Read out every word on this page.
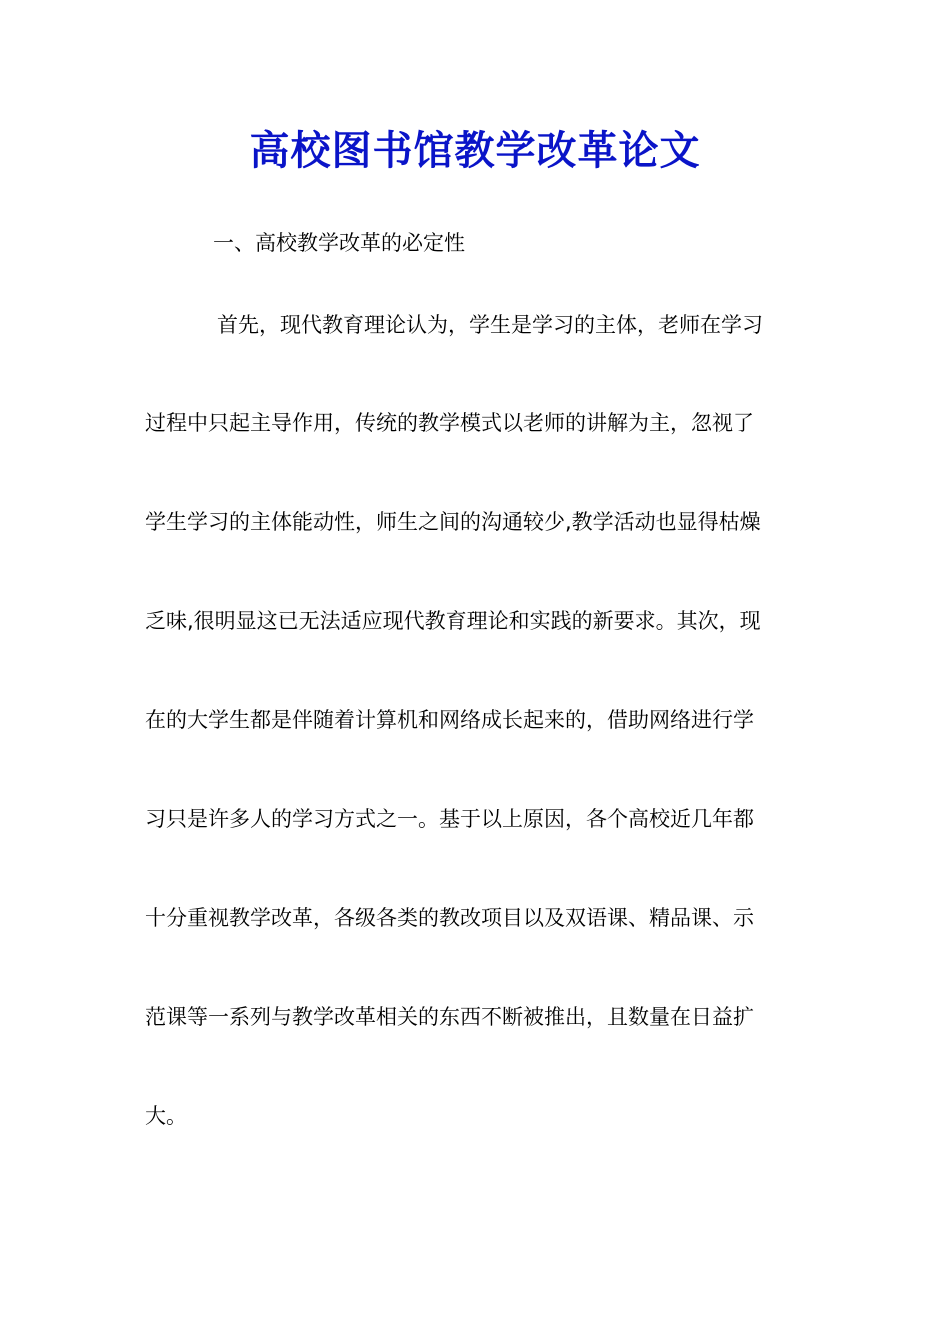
高校图书馆教学改革论文

一、高校教学改革的必定性

首先，现代教育理论认为，学生是学习的主体，老师在学习

过程中只起主导作用，传统的教学模式以老师的讲解为主，忽视了

学生学习的主体能动性，师生之间的沟通较少,教学活动也显得枯燥

乏味,很明显这已无法适应现代教育理论和实践的新要求。其次，现

在的大学生都是伴随着计算机和网络成长起来的，借助网络进行学

习只是许多人的学习方式之一。基于以上原因，各个高校近几年都

十分重视教学改革，各级各类的教改项目以及双语课、精品课、示

范课等一系列与教学改革相关的东西不断被推出，且数量在日益扩

大。
